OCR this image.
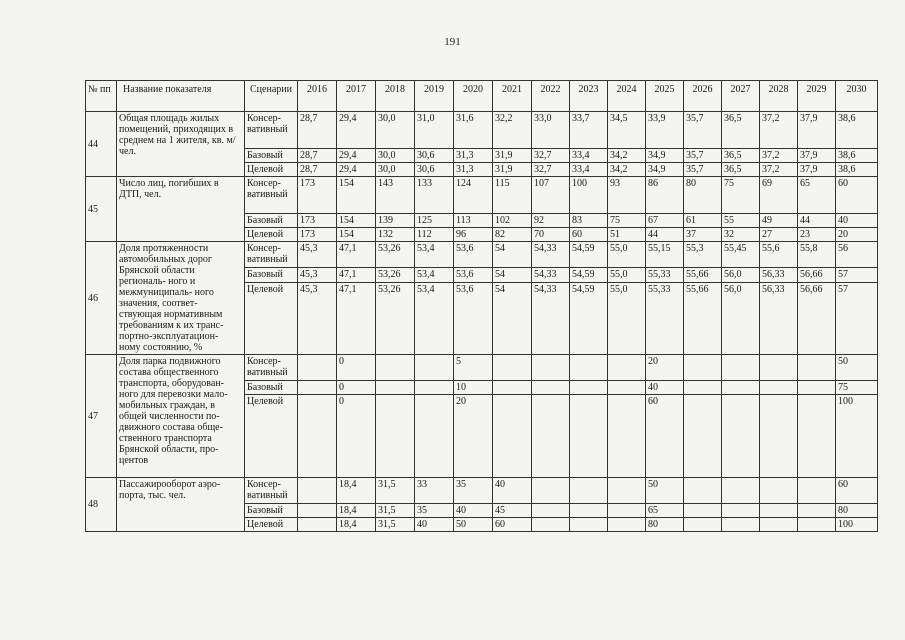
191
№ пп	Название показателя	Сценарии	2016	2017	2018	2019	2020	2021	2022	2023	2024	2025	2026	2027	2028	2029	2030
44	Общая площадь жилых помещений, приходящих в среднем на 1 жителя, кв. м/чел.	Консер- вативный	28,7	29,4	30,0	31,0	31,6	32,2	33,0	33,7	34,5	33,9	35,7	36,5	37,2	37,9	38,6
		Базовый	28,7	29,4	30,0	30,6	31,3	31,9	32,7	33,4	34,2	34,9	35,7	36,5	37,2	37,9	38,6
		Целевой	28,7	29,4	30,0	30,6	31,3	31,9	32,7	33,4	34,2	34,9	35,7	36,5	37,2	37,9	38,6
45	Число лиц, погибших в ДТП, чел.	Консер- вативный	173	154	143	133	124	115	107	100	93	86	80	75	69	65	60
		Базовый	173	154	139	125	113	102	92	83	75	67	61	55	49	44	40
		Целевой	173	154	132	112	96	82	70	60	51	44	37	32	27	23	20
46	Доля протяженности автомобильных дорог Брянской области региональ- ного и межмуниципаль- ного значения, соответ- ствующая нормативным требованиям к их транс- портно-эксплуатацион- ному состоянию, %	Консер- вативный	45,3	47,1	53,26	53,4	53,6	54	54,33	54,59	55,0	55,15	55,3	55,45	55,6	55,8	56
		Базовый	45,3	47,1	53,26	53,4	53,6	54	54,33	54,59	55,0	55,33	55,66	56,0	56,33	56,66	57
		Целевой	45,3	47,1	53,26	53,4	53,6	54	54,33	54,59	55,0	55,33	55,66	56,0	56,33	56,66	57
47	Доля парка подвижного состава общественного транспорта, оборудован- ного для перевозки мало- мобильных граждан, в общей численности по- движного состава обще- ственного транспорта Брянской области, про- центов	Консер- вативный		0			5					20					50
		Базовый		0			10					40					75
		Целевой		0			20					60					100
48	Пассажирооборот аэро- порта, тыс. чел.	Консер- вативный		18,4	31,5	33	35	40				50					60
		Базовый		18,4	31,5	35	40	45				65					80
		Целевой		18,4	31,5	40	50	60				80					100
